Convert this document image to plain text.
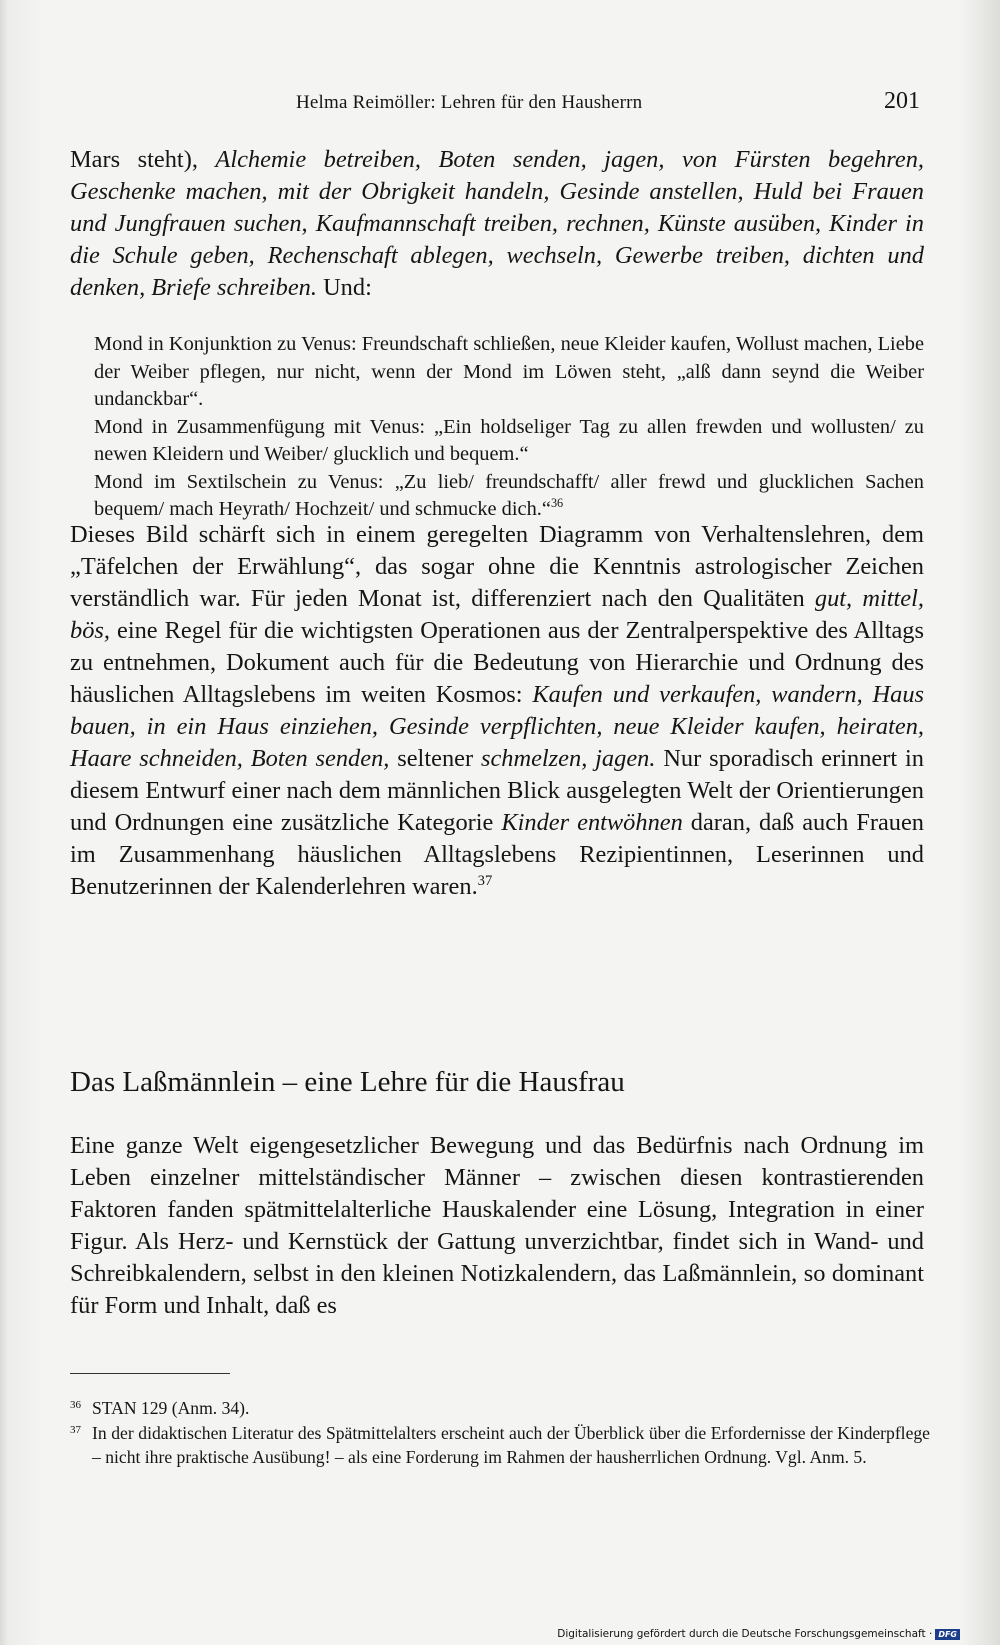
Helma Reimöller: Lehren für den Hausherrn	201

Mars steht), Alchemie betreiben, Boten senden, jagen, von Fürsten begehren, Geschenke machen, mit der Obrigkeit handeln, Gesinde anstellen, Huld bei Frauen und Jungfrauen suchen, Kaufmannschaft treiben, rechnen, Künste ausüben, Kinder in die Schule geben, Rechenschaft ablegen, wechseln, Gewerbe treiben, dichten und denken, Briefe schreiben. Und:

Mond in Konjunktion zu Venus: Freundschaft schließen, neue Kleider kaufen, Wollust machen, Liebe der Weiber pflegen, nur nicht, wenn der Mond im Löwen steht, „alß dann seynd die Weiber undanckbar“.

Mond in Zusammenfügung mit Venus: „Ein holdseliger Tag zu allen frewden und wollusten/ zu newen Kleidern und Weiber/ glucklich und bequem.“

Mond im Sextilschein zu Venus: „Zu lieb/ freundschafft/ aller frewd und glucklichen Sachen bequem/ mach Heyrath/ Hochzeit/ und schmucke dich.“$^{36}$

Dieses Bild schärft sich in einem geregelten Diagramm von Verhaltenslehren, dem „Täfelchen der Erwählung“, das sogar ohne die Kenntnis astrologischer Zeichen verständlich war. Für jeden Monat ist, differenziert nach den Qualitäten gut, mittel, bös, eine Regel für die wichtigsten Operationen aus der Zentralperspektive des Alltags zu entnehmen, Dokument auch für die Bedeutung von Hierarchie und Ordnung des häuslichen Alltagslebens im weiten Kosmos: Kaufen und verkaufen, wandern, Haus bauen, in ein Haus einziehen, Gesinde verpflichten, neue Kleider kaufen, heiraten, Haare schneiden, Boten senden, seltener schmelzen, jagen. Nur sporadisch erinnert in diesem Entwurf einer nach dem männlichen Blick ausgelegten Welt der Orientierungen und Ordnungen eine zusätzliche Kategorie Kinder entwöhnen daran, daß auch Frauen im Zusammenhang häuslichen Alltagslebens Rezipientinnen, Leserinnen und Benutzerinnen der Kalenderlehren waren.$^{37}$

Das Laßmännlein – eine Lehre für die Hausfrau

Eine ganze Welt eigengesetzlicher Bewegung und das Bedürfnis nach Ordnung im Leben einzelner mittelständischer Männer – zwischen diesen kontrastierenden Faktoren fanden spätmittelalterliche Hauskalender eine Lösung, Integration in einer Figur. Als Herz- und Kernstück der Gattung unverzichtbar, findet sich in Wand- und Schreibkalendern, selbst in den kleinen Notizkalendern, das Laßmännlein, so dominant für Form und Inhalt, daß es

36 STAN 129 (Anm. 34).

37 In der didaktischen Literatur des Spätmittelalters erscheint auch der Überblick über die Erfordernisse der Kinderpflege – nicht ihre praktische Ausübung! – als eine Forderung im Rahmen der hausherrlichen Ordnung. Vgl. Anm. 5.

Digitalisierung gefördert durch die Deutsche Forschungsgemeinschaft · DFG
